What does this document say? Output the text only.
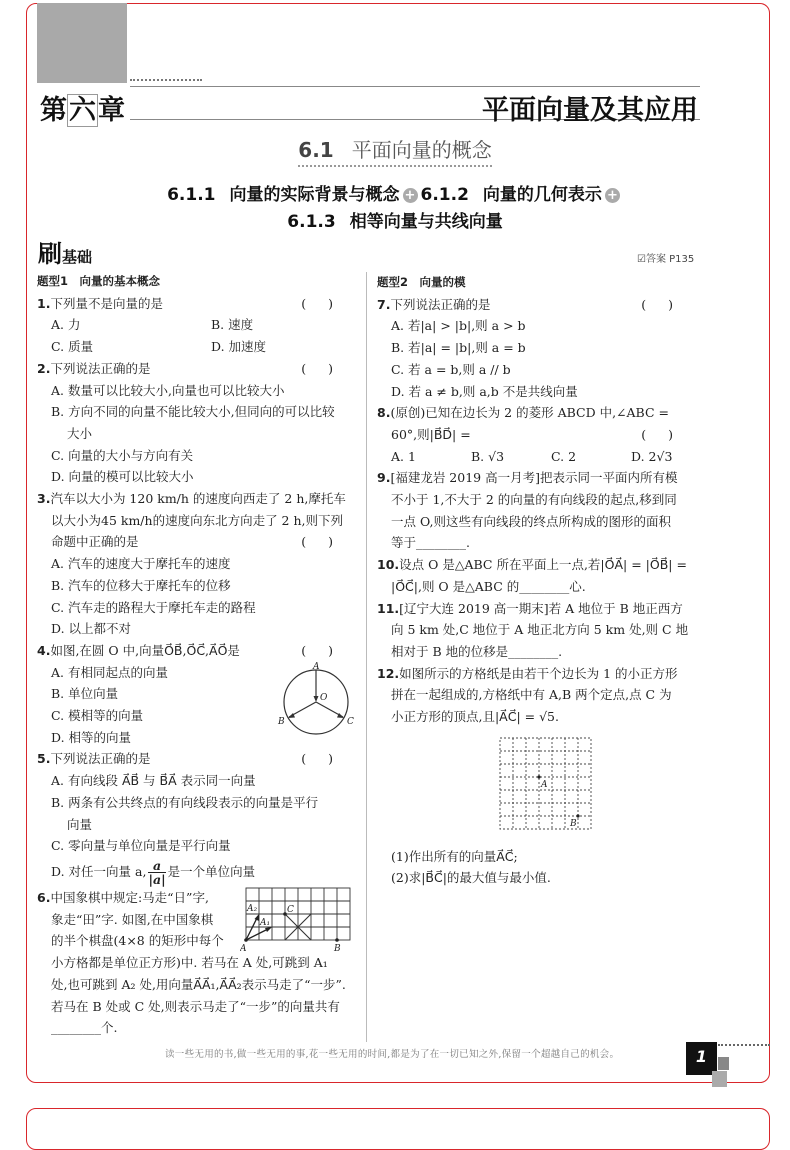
第六章	平面向量及其应用
6.1 平面向量的概念
6.1.1 向量的实际背景与概念 + 6.1.2 向量的几何表示 +
6.1.3 相等向量与共线向量
刷基础	☑答案 P135
题型1　向量的基本概念
1.下列量不是向量的是	()
A. 力	B. 速度
C. 质量	D. 加速度
2.下列说法正确的是	()
A. 数量可以比较大小,向量也可以比较大小
B. 方向不同的向量不能比较大小,但同向的可以比较
大小
C. 向量的大小与方向有关
D. 向量的模可以比较大小
3.汽车以大小为 120 km/h 的速度向西走了 2 h,摩托车
以大小为45 km/h的速度向东北方向走了 2 h,则下列
命题中正确的是	()
A. 汽车的速度大于摩托车的速度
B. 汽车的位移大于摩托车的位移
C. 汽车走的路程大于摩托车走的路程
D. 以上都不对
4.如图,在圆 O 中,向量O⃗B⃗,O⃗C⃗,A⃗O⃗是	()
A. 有相同起点的向量
B. 单位向量
C. 模相等的向量
D. 相等的向量
5.下列说法正确的是	()
A. 有向线段 A⃗B⃗ 与 B⃗A⃗ 表示同一向量
B. 两条有公共终点的有向线段表示的向量是平行
向量
C. 零向量与单位向量是平行向量
D. 对任一向量 a, $\frac{a}{|a|}$ 是一个单位向量
6.中国象棋中规定:马走“日”字,
象走“田”字. 如图,在中国象棋
的半个棋盘(4×8 的矩形中每个
小方格都是单位正方形)中. 若马在 A 处,可跳到 A₁
处,也可跳到 A₂ 处,用向量A⃗A⃗₁,A⃗A⃗₂表示马走了“一步”.
若马在 B 处或 C 处,则表示马走了“一步”的向量共有
________个.
题型2　向量的模
7.下列说法正确的是	()
A. 若|a| > |b|,则 a > b
B. 若|a| = |b|,则 a = b
C. 若 a = b,则 a // b
D. 若 a ≠ b,则 a,b 不是共线向量
8.(原创)已知在边长为 2 的菱形 ABCD 中,∠ABC =
60°,则|B⃗D⃗| =	()
A. 1	B. √3	C. 2	D. 2√3
9.[福建龙岩 2019 高一月考]把表示同一平面内所有模
不小于 1,不大于 2 的向量的有向线段的起点,移到同
一点 O,则这些有向线段的终点所构成的图形的面积
等于________.
10.设点 O 是△ABC 所在平面上一点,若|O⃗A⃗| = |O⃗B⃗| =
|O⃗C⃗|,则 O 是△ABC 的________心.
11.[辽宁大连 2019 高一期末]若 A 地位于 B 地正西方
向 5 km 处,C 地位于 A 地正北方向 5 km 处,则 C 地
相对于 B 地的位移是________.
12.如图所示的方格纸是由若干个边长为 1 的小正方形
拼在一起组成的,方格纸中有 A,B 两个定点,点 C 为
小正方形的顶点,且|A⃗C⃗| = √5.
(1)作出所有的向量A⃗C⃗;
(2)求|B⃗C⃗|的最大值与最小值.
A
O
B	C
A
A₂
A₁
C
B
A
B
读一些无用的书,做一些无用的事,花一些无用的时间,都是为了在一切已知之外,保留一个超越自己的机会。	1
